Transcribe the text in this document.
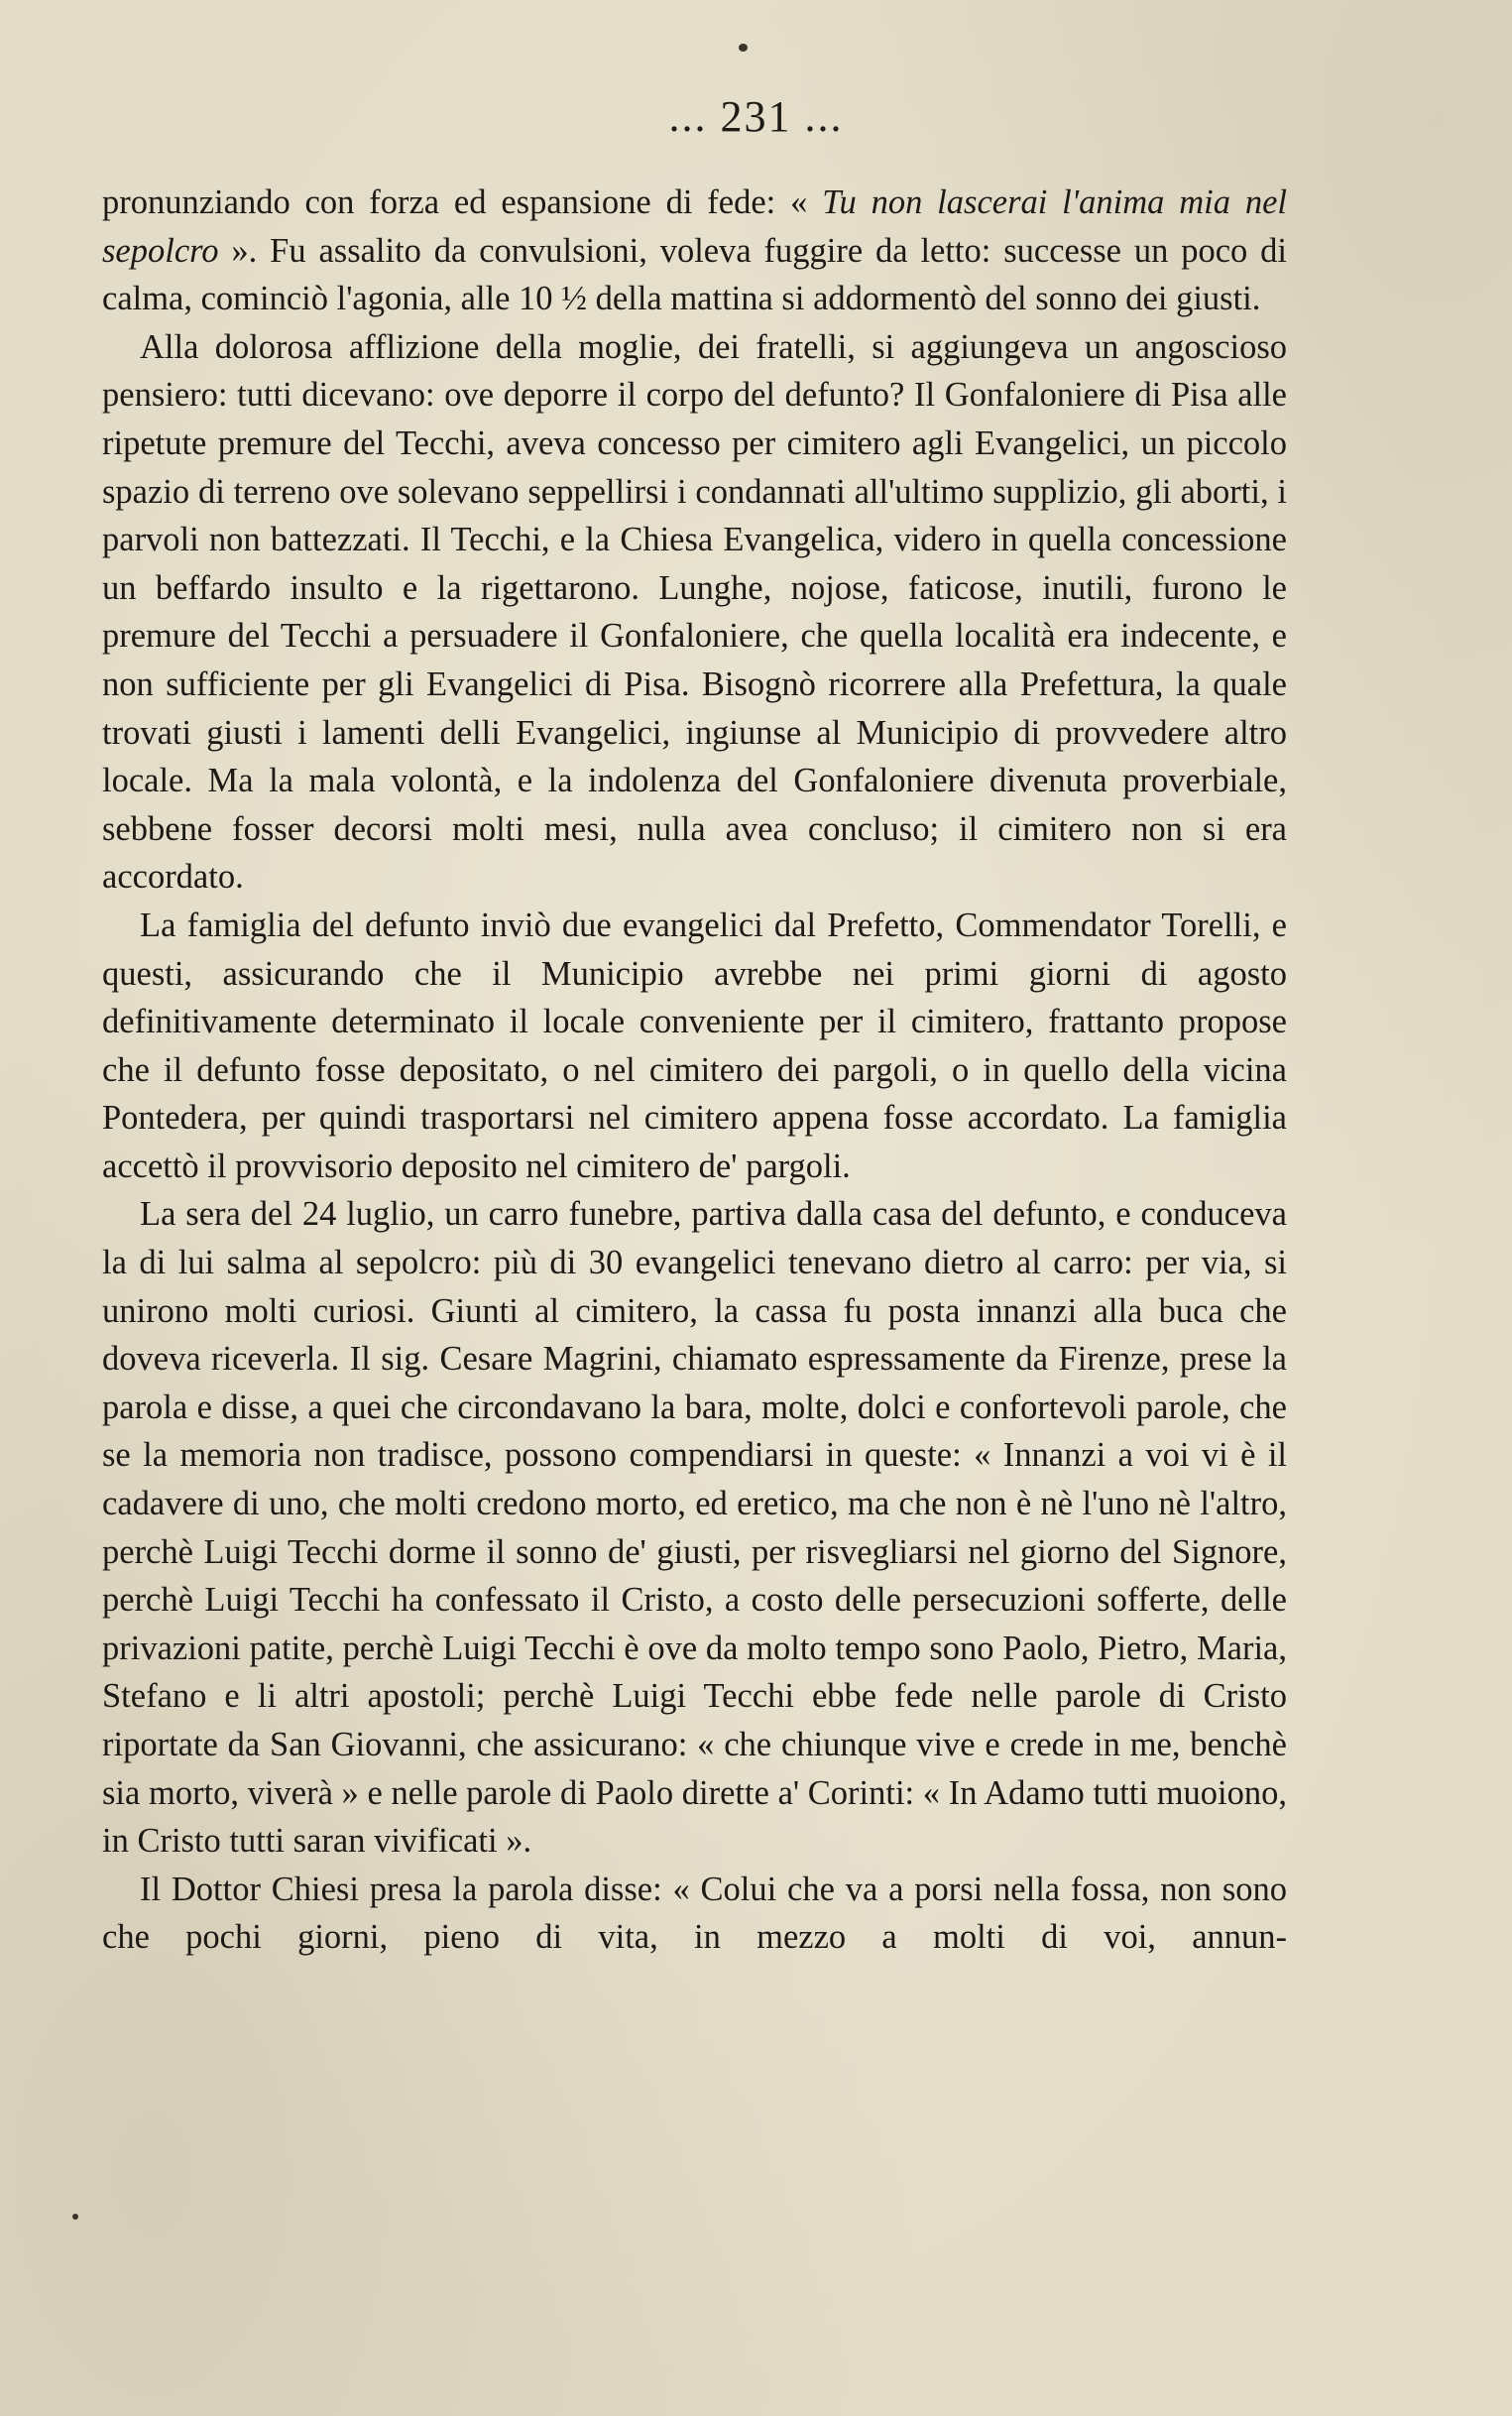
... 231 ...

pronunziando con forza ed espansione di fede: « Tu non lascerai l'anima mia nel sepolcro ». Fu assalito da convulsioni, voleva fuggire da letto: successe un poco di calma, cominciò l'agonia, alle 10 ½ della mattina si addormentò del sonno dei giusti.

Alla dolorosa afflizione della moglie, dei fratelli, si aggiungeva un angoscioso pensiero: tutti dicevano: ove deporre il corpo del defunto? Il Gonfaloniere di Pisa alle ripetute premure del Tecchi, aveva concesso per cimitero agli Evangelici, un piccolo spazio di terreno ove solevano seppellirsi i condannati all'ultimo supplizio, gli aborti, i parvoli non battezzati. Il Tecchi, e la Chiesa Evangelica, videro in quella concessione un beffardo insulto e la rigettarono. Lunghe, nojose, faticose, inutili, furono le premure del Tecchi a persuadere il Gonfaloniere, che quella località era indecente, e non sufficiente per gli Evangelici di Pisa. Bisognò ricorrere alla Prefettura, la quale trovati giusti i lamenti delli Evangelici, ingiunse al Municipio di provvedere altro locale. Ma la mala volontà, e la indolenza del Gonfaloniere divenuta proverbiale, sebbene fosser decorsi molti mesi, nulla avea concluso; il cimitero non si era accordato.

La famiglia del defunto inviò due evangelici dal Prefetto, Commendator Torelli, e questi, assicurando che il Municipio avrebbe nei primi giorni di agosto definitivamente determinato il locale conveniente per il cimitero, frattanto propose che il defunto fosse depositato, o nel cimitero dei pargoli, o in quello della vicina Pontedera, per quindi trasportarsi nel cimitero appena fosse accordato. La famiglia accettò il provvisorio deposito nel cimitero de' pargoli.

La sera del 24 luglio, un carro funebre, partiva dalla casa del defunto, e conduceva la di lui salma al sepolcro: più di 30 evangelici tenevano dietro al carro: per via, si unirono molti curiosi. Giunti al cimitero, la cassa fu posta innanzi alla buca che doveva riceverla. Il sig. Cesare Magrini, chiamato espressamente da Firenze, prese la parola e disse, a quei che circondavano la bara, molte, dolci e confortevoli parole, che se la memoria non tradisce, possono compendiarsi in queste: « Innanzi a voi vi è il cadavere di uno, che molti credono morto, ed eretico, ma che non è nè l'uno nè l'altro, perchè Luigi Tecchi dorme il sonno de' giusti, per risvegliarsi nel giorno del Signore, perchè Luigi Tecchi ha confessato il Cristo, a costo delle persecuzioni sofferte, delle privazioni patite, perchè Luigi Tecchi è ove da molto tempo sono Paolo, Pietro, Maria, Stefano e li altri apostoli; perchè Luigi Tecchi ebbe fede nelle parole di Cristo riportate da San Giovanni, che assicurano: « che chiunque vive e crede in me, benchè sia morto, viverà » e nelle parole di Paolo dirette a' Corinti: « In Adamo tutti muoiono, in Cristo tutti saran vivificati ».

Il Dottor Chiesi presa la parola disse: « Colui che va a porsi nella fossa, non sono che pochi giorni, pieno di vita, in mezzo a molti di voi, annun-
